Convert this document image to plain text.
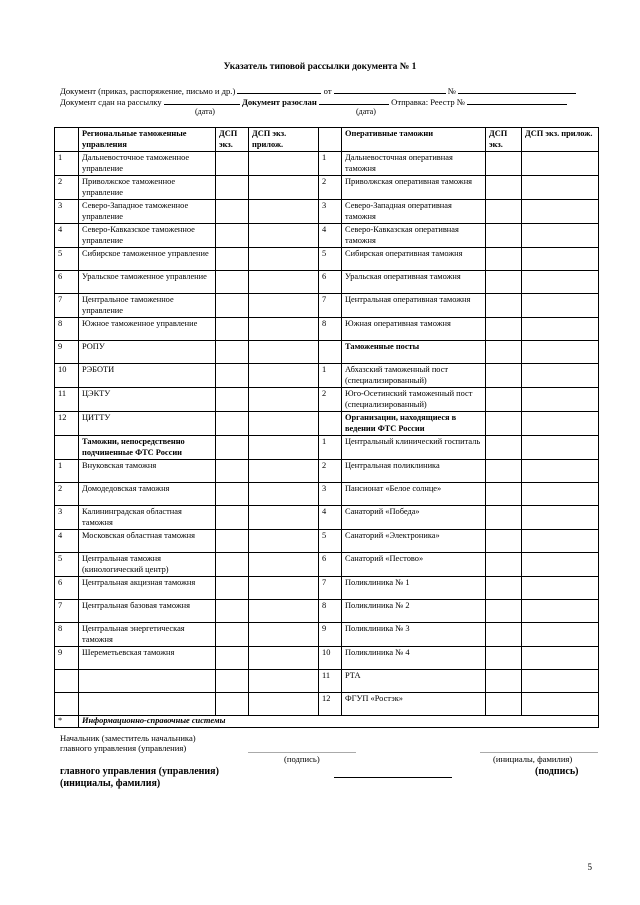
Указатель типовой рассылки документа № 1
Документ (приказ, распоряжение, письмо и др.)	от	№
Документ сдан на рассылку	Документ разослан	Отправка: Реестр №
(дата)	(дата)
	Региональные таможенные управления	ДСП экз.	ДСП экз. прилож.		Оперативные таможни	ДСП экз.	ДСП экз. прилож.
1	Дальневосточное таможенное управление			1	Дальневосточная оперативная таможня		
2	Приволжское таможенное управление			2	Приволжская оперативная таможня		
3	Северо-Западное таможенное управление			3	Северо-Западная оперативная таможня		
4	Северо-Кавказское таможенное управление			4	Северо-Кавказская оперативная таможня		
5	Сибирское таможенное управление			5	Сибирская оперативная таможня		
6	Уральское таможенное управление			6	Уральская оперативная таможня		
7	Центральное таможенное управление			7	Центральная оперативная таможня		
8	Южное таможенное управление			8	Южная оперативная таможня		
9	РОПУ				Таможенные посты		
10	РЭБОТИ			1	Абхазский таможенный пост (специализированный)		
11	ЦЭКТУ			2	Юго-Осетинский таможенный пост (специализированный)		
12	ЦИТТУ				Организации, находящиеся в ведении ФТС России		
	Таможни, непосредственно подчиненные ФТС России			1	Центральный клинический госпиталь		
1	Внуковская таможня			2	Центральная поликлиника		
2	Домодедовская таможня			3	Пансионат «Белое солнце»		
3	Калининградская областная таможня			4	Санаторий «Победа»		
4	Московская областная таможня			5	Санаторий «Электроника»		
5	Центральная таможня (кинологический центр)			6	Санаторий «Пестово»		
6	Центральная акцизная таможня			7	Поликлиника № 1		
7	Центральная базовая таможня			8	Поликлиника № 2		
8	Центральная энергетическая таможня			9	Поликлиника № 3		
9	Шереметьевская таможня			10	Поликлиника № 4		
				11	РТА		
				12	ФГУП «Ростэк»		
*	Информационно-справочные системы						
Начальник (заместитель начальника)
главного управления (управления)
(подпись)	(инициалы, фамилия)
главного управления (управления)	(подпись)
(инициалы, фамилия)
5
